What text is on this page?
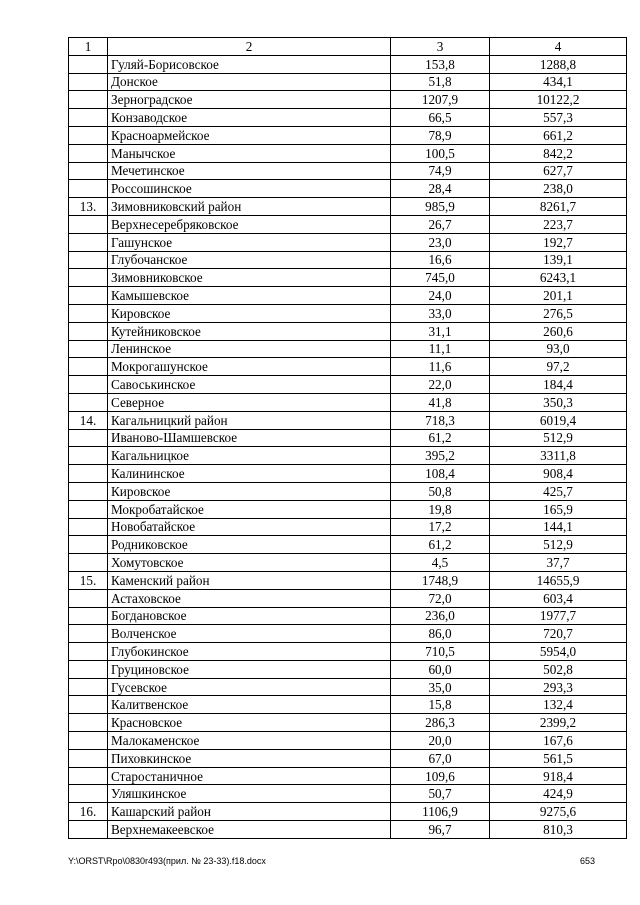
1	2	3	4
	Гуляй-Борисовское	153,8	1288,8
	Донское	51,8	434,1
	Зерноградское	1207,9	10122,2
	Конзаводское	66,5	557,3
	Красноармейское	78,9	661,2
	Манычское	100,5	842,2
	Мечетинское	74,9	627,7
	Россошинское	28,4	238,0
13.	Зимовниковский район	985,9	8261,7
	Верхнесеребряковское	26,7	223,7
	Гашунское	23,0	192,7
	Глубочанское	16,6	139,1
	Зимовниковское	745,0	6243,1
	Камышевское	24,0	201,1
	Кировское	33,0	276,5
	Кутейниковское	31,1	260,6
	Ленинское	11,1	93,0
	Мокрогашунское	11,6	97,2
	Савоськинское	22,0	184,4
	Северное	41,8	350,3
14.	Кагальницкий район	718,3	6019,4
	Иваново-Шамшевское	61,2	512,9
	Кагальницкое	395,2	3311,8
	Калининское	108,4	908,4
	Кировское	50,8	425,7
	Мокробатайское	19,8	165,9
	Новобатайское	17,2	144,1
	Родниковское	61,2	512,9
	Хомутовское	4,5	37,7
15.	Каменский район	1748,9	14655,9
	Астаховское	72,0	603,4
	Богдановское	236,0	1977,7
	Волченское	86,0	720,7
	Глубокинское	710,5	5954,0
	Груциновское	60,0	502,8
	Гусевское	35,0	293,3
	Калитвенское	15,8	132,4
	Красновское	286,3	2399,2
	Малокаменское	20,0	167,6
	Пиховкинское	67,0	561,5
	Старостаничное	109,6	918,4
	Уляшкинское	50,7	424,9
16.	Кашарский район	1106,9	9275,6
	Верхнемакеевское	96,7	810,3
Y:\ORST\Rpo\0830r493(прил. № 23-33).f18.docx	653
